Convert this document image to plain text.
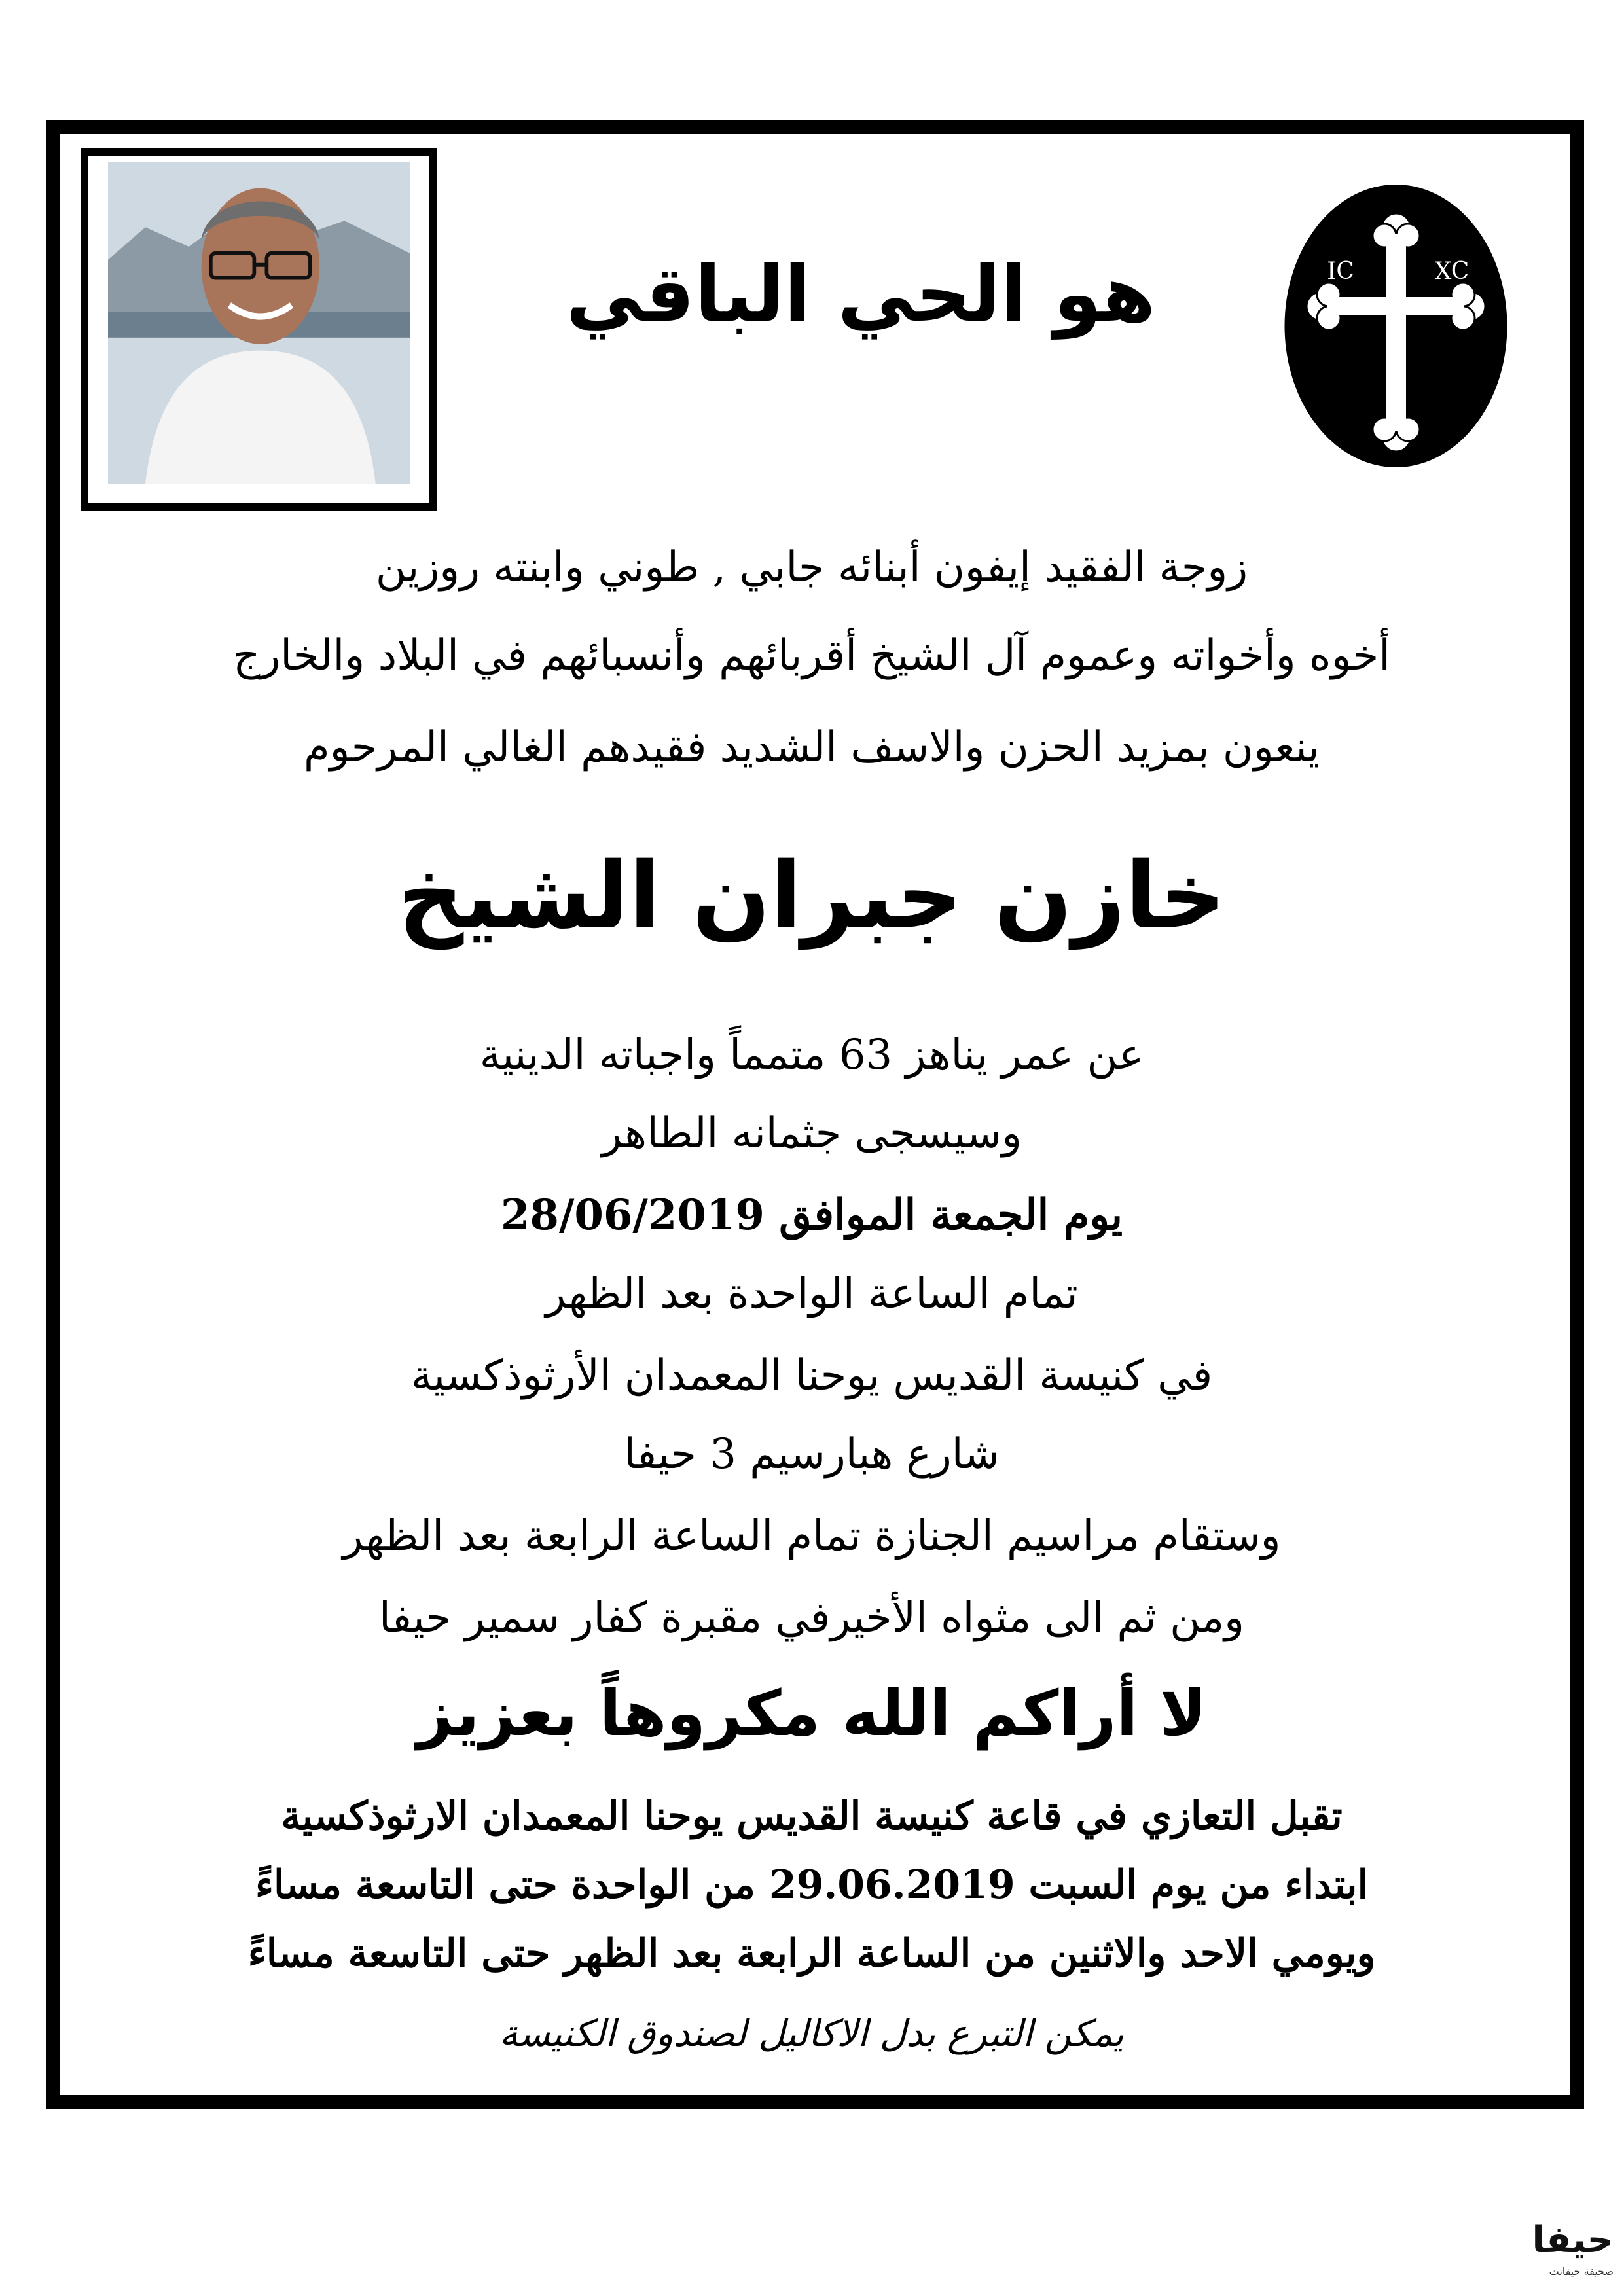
IC	XC
هو الحي الباقي
زوجة الفقيد إيفون أبنائه جابي , طوني وابنته روزين
أخوه وأخواته وعموم آل الشيخ أقربائهم وأنسبائهم في البلاد والخارج
ينعون بمزيد الحزن والاسف الشديد فقيدهم الغالي المرحوم
خازن جبران الشيخ
عن عمر يناهز 63 متمماً واجباته الدينية
وسيسجى جثمانه الطاهر
يوم الجمعة الموافق 28/06/2019
تمام الساعة الواحدة بعد الظهر
في كنيسة القديس يوحنا المعمدان الأرثوذكسية
شارع هبارسيم 3 حيفا
وستقام مراسيم الجنازة تمام الساعة الرابعة بعد الظهر
ومن ثم الى مثواه الأخيرفي مقبرة كفار سمير حيفا
لا أراكم الله مكروهاً بعزيز
تقبل التعازي في قاعة كنيسة القديس يوحنا المعمدان الارثوذكسية
ابتداء من يوم السبت 29.06.2019 من الواحدة حتى التاسعة مساءً
ويومي الاحد والاثنين من الساعة الرابعة بعد الظهر حتى التاسعة مساءً
يمكن التبرع بدل الاكاليل لصندوق الكنيسة
حيفا
صحيفة حيفانت
